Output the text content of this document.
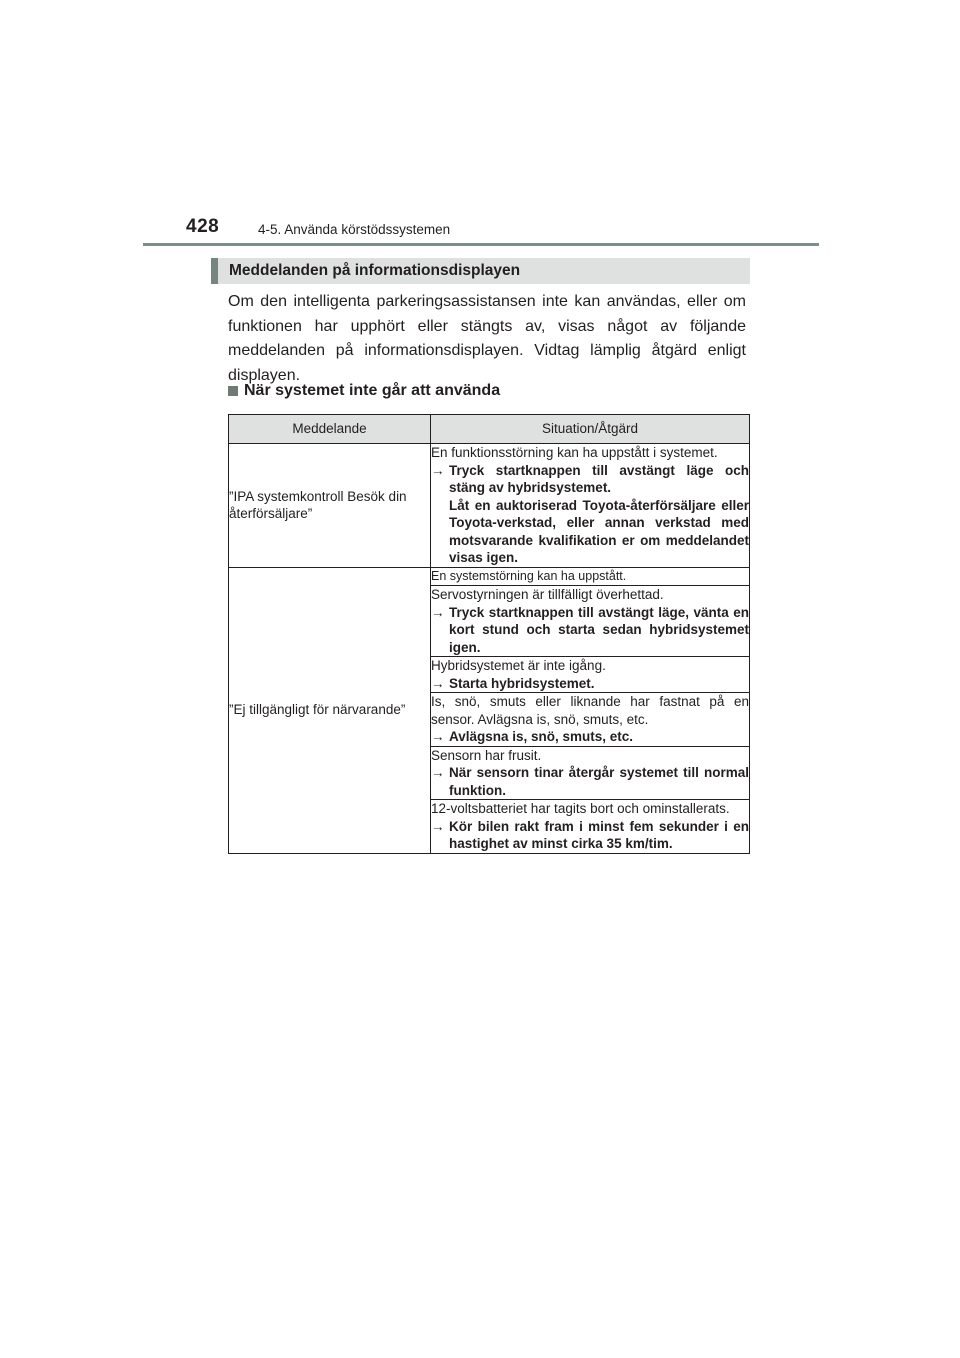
428	4-5. Använda körstödssystemen
Meddelanden på informationsdisplayen

Om den intelligenta parkeringsassistansen inte kan användas, eller om funktionen har upphört eller stängts av, visas något av följande meddelanden på informationsdisplayen. Vidtag lämplig åtgärd enligt displayen.

När systemet inte går att använda
Meddelande	Situation/Åtgärd
”IPA systemkontroll Besök din återförsäljare”	En funktionsstörning kan ha uppstått i systemet.
→ Tryck startknappen till avstängt läge och stäng av hybridsystemet.
Låt en auktoriserad Toyota-återförsäljare eller Toyota-verkstad, eller annan verkstad med motsvarande kvalifikation er om meddelandet visas igen.

”Ej tillgängligt för närvarande”	En systemstörning kan ha uppstått.

	Servostyrningen är tillfälligt överhettad.
→ Tryck startknappen till avstängt läge, vänta en kort stund och starta sedan hybridsystemet igen.

	Hybridsystemet är inte igång.
→ Starta hybridsystemet.

	Is, snö, smuts eller liknande har fastnat på en sensor. Avlägsna is, snö, smuts, etc.
→ Avlägsna is, snö, smuts, etc.

	Sensorn har frusit.
→ När sensorn tinar återgår systemet till normal funktion.

	12-voltsbatteriet har tagits bort och ominstallerats.
→ Kör bilen rakt fram i minst fem sekunder i en hastighet av minst cirka 35 km/tim.
